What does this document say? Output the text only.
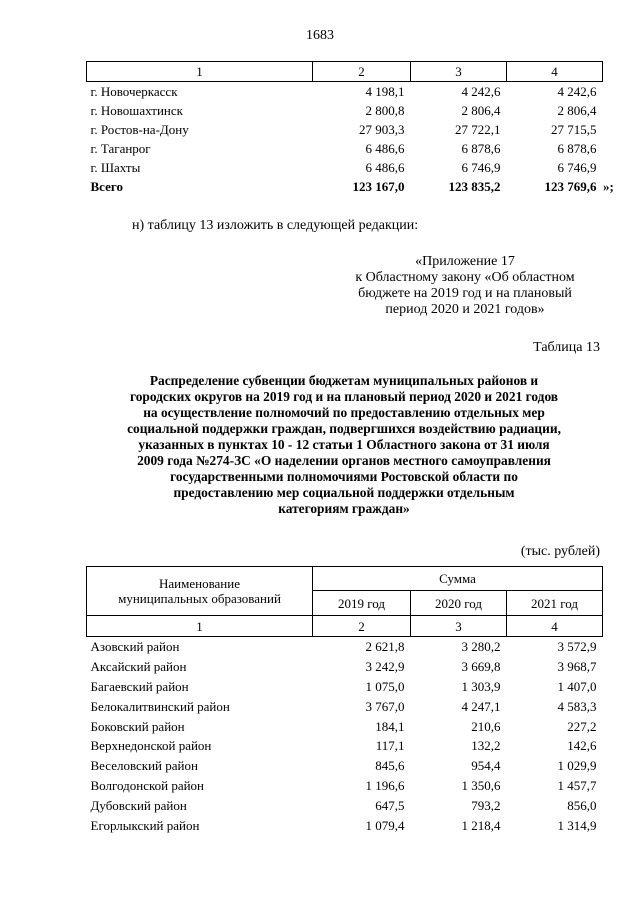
1683
1	2	3	4
г. Новочеркасск	4 198,1	4 242,6	4 242,6
г. Новошахтинск	2 800,8	2 806,4	2 806,4
г. Ростов-на-Дону	27 903,3	27 722,1	27 715,5
г. Таганрог	6 486,6	6 878,6	6 878,6
г. Шахты	6 486,6	6 746,9	6 746,9
Всего	123 167,0	123 835,2	123 769,6 »;
н) таблицу 13 изложить в следующей редакции:
«Приложение 17
к Областному закону «Об областном
бюджете на 2019 год и на плановый
период 2020 и 2021 годов»
Таблица 13
Распределение субвенции бюджетам муниципальных районов и
городских округов на 2019 год и на плановый период 2020 и 2021 годов
на осуществление полномочий по предоставлению отдельных мер
социальной поддержки граждан, подвергшихся воздействию радиации,
указанных в пунктах 10 - 12 статьи 1 Областного закона от 31 июля
2009 года №274-ЗС «О наделении органов местного самоуправления
государственными полномочиями Ростовской области по
предоставлению мер социальной поддержки отдельным
категориям граждан»
(тыс. рублей)
Наименование
муниципальных образований	Сумма		
	2019 год	2020 год	2021 год
1	2	3	4
Азовский район	2 621,8	3 280,2	3 572,9
Аксайский район	3 242,9	3 669,8	3 968,7
Багаевский район	1 075,0	1 303,9	1 407,0
Белокалитвинский район	3 767,0	4 247,1	4 583,3
Боковский район	184,1	210,6	227,2
Верхнедонской район	117,1	132,2	142,6
Веселовский район	845,6	954,4	1 029,9
Волгодонской район	1 196,6	1 350,6	1 457,7
Дубовский район	647,5	793,2	856,0
Егорлыкский район	1 079,4	1 218,4	1 314,9
